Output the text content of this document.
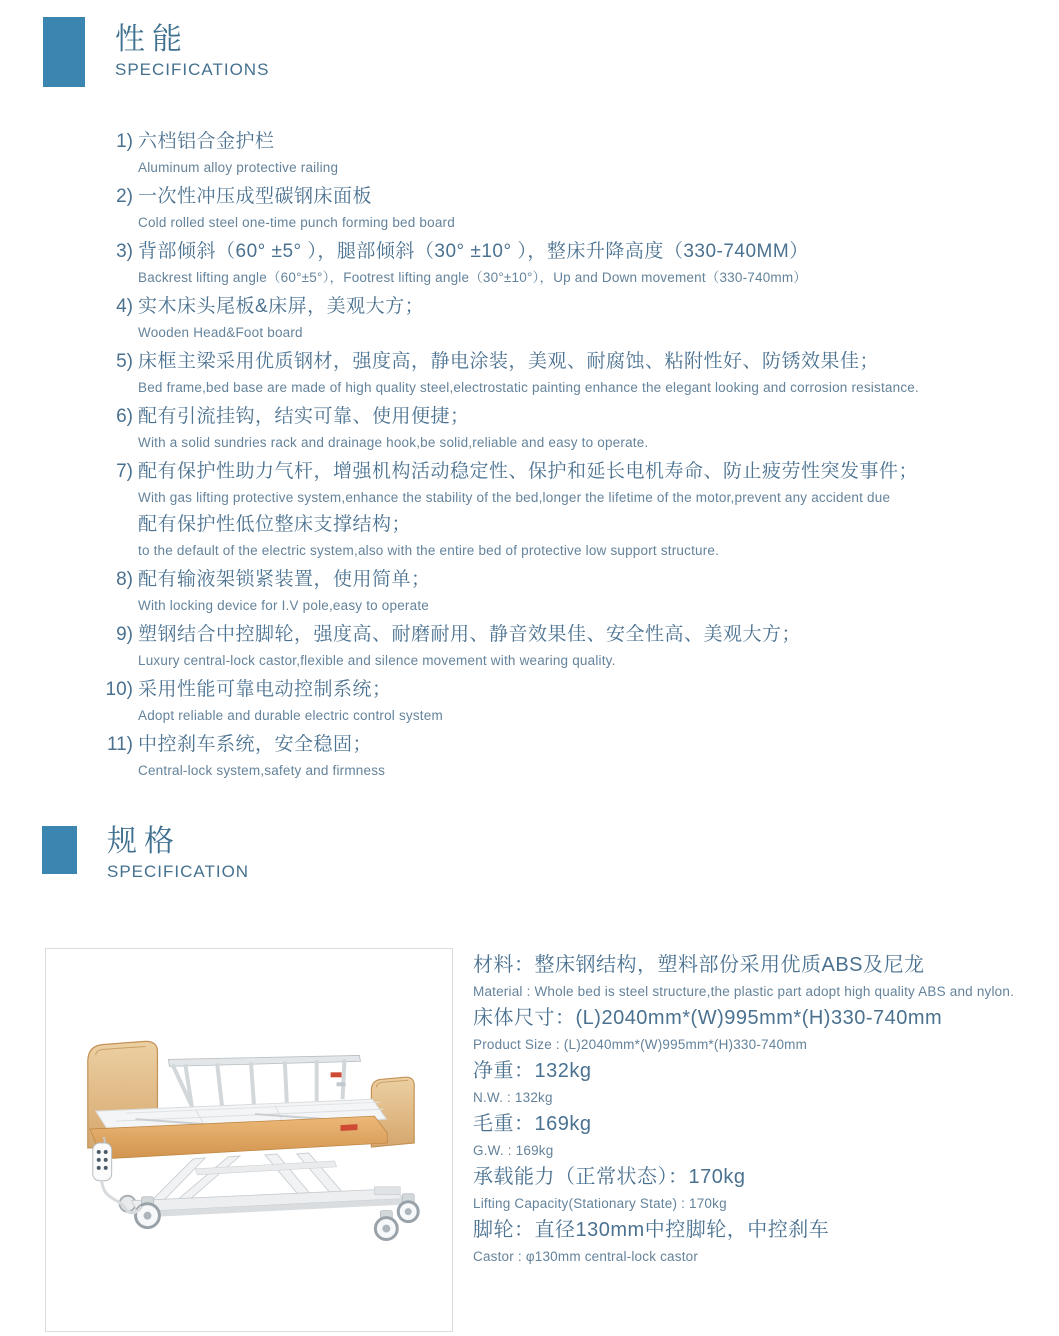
性能
SPECIFICATIONS
1) 六档铝合金护栏
Aluminum alloy protective railing
2) 一次性冲压成型碳钢床面板
Cold rolled steel one-time punch forming bed board
3) 背部倾斜（60° ±5° ），腿部倾斜（30° ±10° ），整床升降高度（330-740MM）
Backrest lifting angle（60°±5°），Footrest lifting angle（30°±10°），Up and Down movement（330-740mm）
4) 实木床头尾板&床屏，美观大方；
Wooden Head&Foot board
5) 床框主梁采用优质钢材，强度高，静电涂装，美观、耐腐蚀、粘附性好、防锈效果佳；
Bed frame,bed base are made of high quality steel,electrostatic painting enhance the elegant looking and corrosion resistance.
6) 配有引流挂钩，结实可靠、使用便捷；
With a solid sundries rack and drainage hook,be solid,reliable and easy to operate.
7) 配有保护性助力气杆，增强机构活动稳定性、保护和延长电机寿命、防止疲劳性突发事件；
With gas lifting protective system,enhance the stability of the bed,longer the lifetime of the motor,prevent any accident due
配有保护性低位整床支撑结构；
to the default of the electric system,also with the entire bed of protective low support structure.
8) 配有输液架锁紧装置，使用简单；
With locking device for I.V pole,easy to operate
9) 塑钢结合中控脚轮，强度高、耐磨耐用、静音效果佳、安全性高、美观大方；
Luxury central-lock castor,flexible and silence movement with wearing quality.
10) 采用性能可靠电动控制系统；
Adopt reliable and durable electric control system
11) 中控刹车系统，安全稳固；
Central-lock system,safety and firmness
规格
SPECIFICATION
材料：整床钢结构，塑料部份采用优质ABS及尼龙
Material : Whole bed is steel structure,the plastic part adopt high quality ABS and nylon.
床体尺寸：(L)2040mm*(W)995mm*(H)330-740mm
Product Size : (L)2040mm*(W)995mm*(H)330-740mm
净重：132kg
N.W. : 132kg
毛重：169kg
G.W. : 169kg
承载能力（正常状态）：170kg
Lifting Capacity(Stationary State) : 170kg
脚轮：直径130mm中控脚轮，中控刹车
Castor : φ130mm central-lock castor
